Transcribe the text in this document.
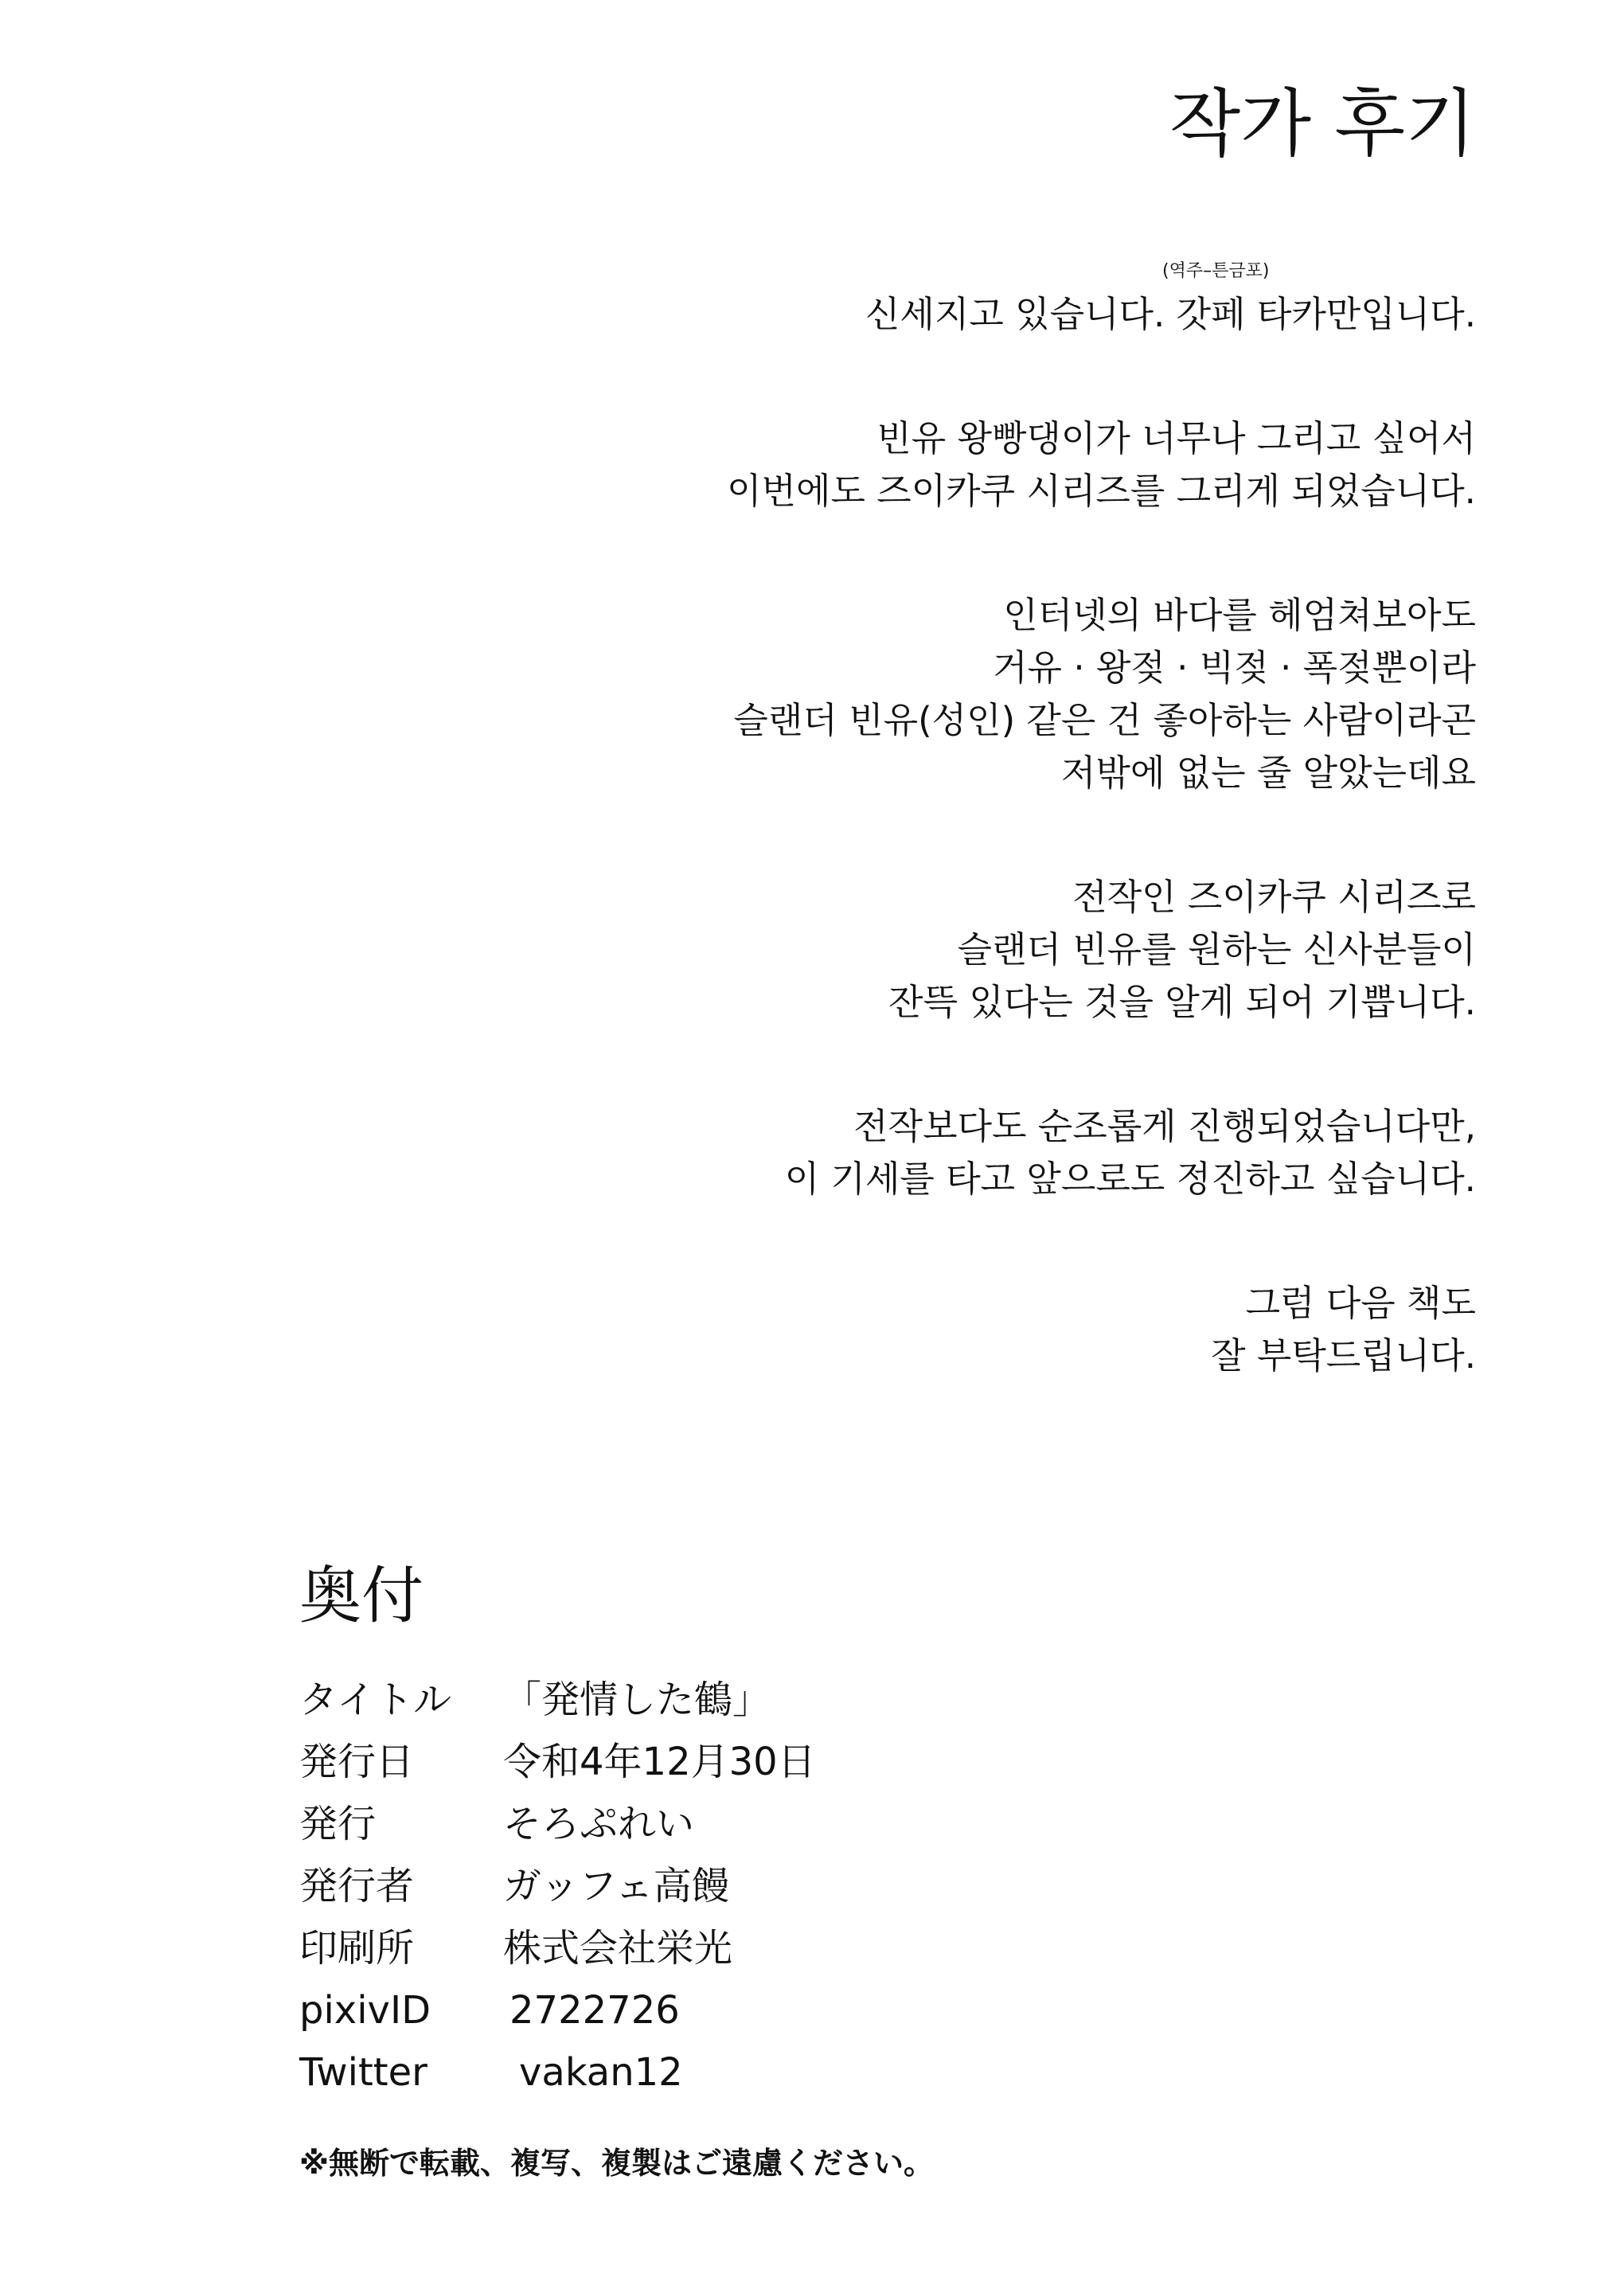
작가 후기
(역주–튼금포)
신세지고 있습니다. 갓페 타카만입니다.
빈유 왕빵댕이가 너무나 그리고 싶어서
이번에도 즈이카쿠 시리즈를 그리게 되었습니다.
인터넷의 바다를 헤엄쳐보아도
거유 · 왕젖 · 빅젖 · 폭젖뿐이라
슬랜더 빈유(성인) 같은 건 좋아하는 사람이라곤
저밖에 없는 줄 알았는데요
전작인 즈이카쿠 시리즈로
슬랜더 빈유를 원하는 신사분들이
잔뜩 있다는 것을 알게 되어 기쁩니다.
전작보다도 순조롭게 진행되었습니다만,
이 기세를 타고 앞으로도 정진하고 싶습니다.
그럼 다음 책도
잘 부탁드립니다.
奥付
タイトル	「発情した鶴」
発行日	令和4年12月30日
発行	そろぷれい
発行者	ガッフェ高饅
印刷所	株式会社栄光
pixivID	2722726
Twitter	vakan12
※無断で転載、複写、複製はご遠慮ください。
